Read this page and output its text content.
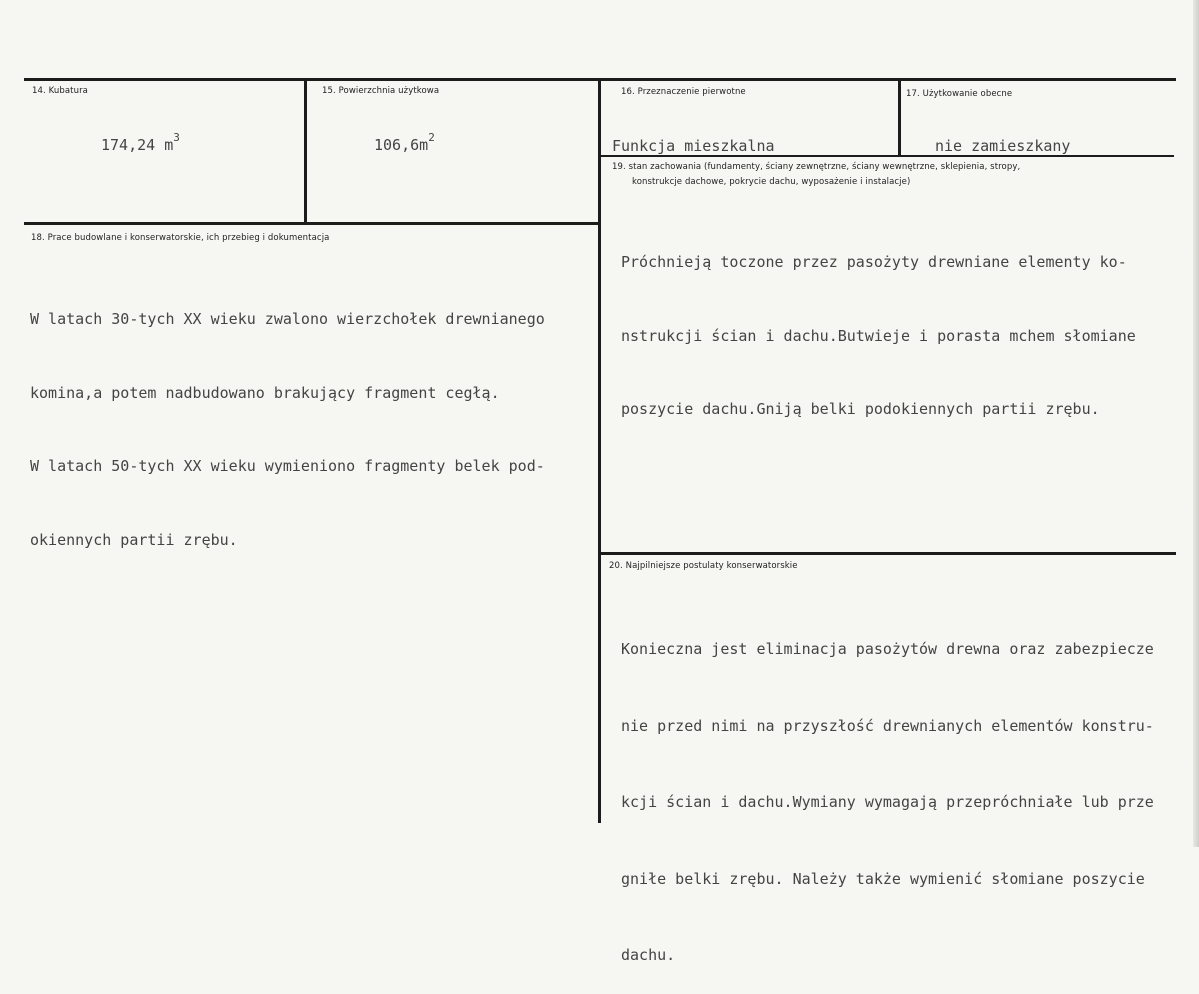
14. Kubatura
174,24 $m^3$
15. Powierzchnia użytkowa
$106,6m^2$
16. Przeznaczenie pierwotne
Funkcja mieszkalna
17. Użytkowanie obecne
nie zamieszkany
18. Prace budowlane i konserwatorskie, ich przebieg i dokumentacja

W latach 30-tych XX wieku zwalono wierzchołek drewnianego

komina,a potem nadbudowano brakujący fragment cegłą.

W latach 50-tych XX wieku wymieniono fragmenty belek pod-

okiennych partii zrębu.

19. stan zachowania (fundamenty, ściany zewnętrzne, ściany wewnętrzne, sklepienia, stropy,
konstrukcje dachowe, pokrycie dachu, wyposażenie i instalacje)

Próchnieją toczone przez pasożyty drewniane elementy ko-

nstrukcji ścian i dachu.Butwieje i porasta mchem słomiane

poszycie dachu.Gniją belki podokiennych partii zrębu.

20. Najpilniejsze postulaty konserwatorskie

Konieczna jest eliminacja pasożytów drewna oraz zabezpiecze

nie przed nimi na przyszłość drewnianych elementów konstru-

kcji ścian i dachu.Wymiany wymagają przepróchniałe lub prze

gniłe belki zrębu. Należy także wymienić słomiane poszycie

dachu.
